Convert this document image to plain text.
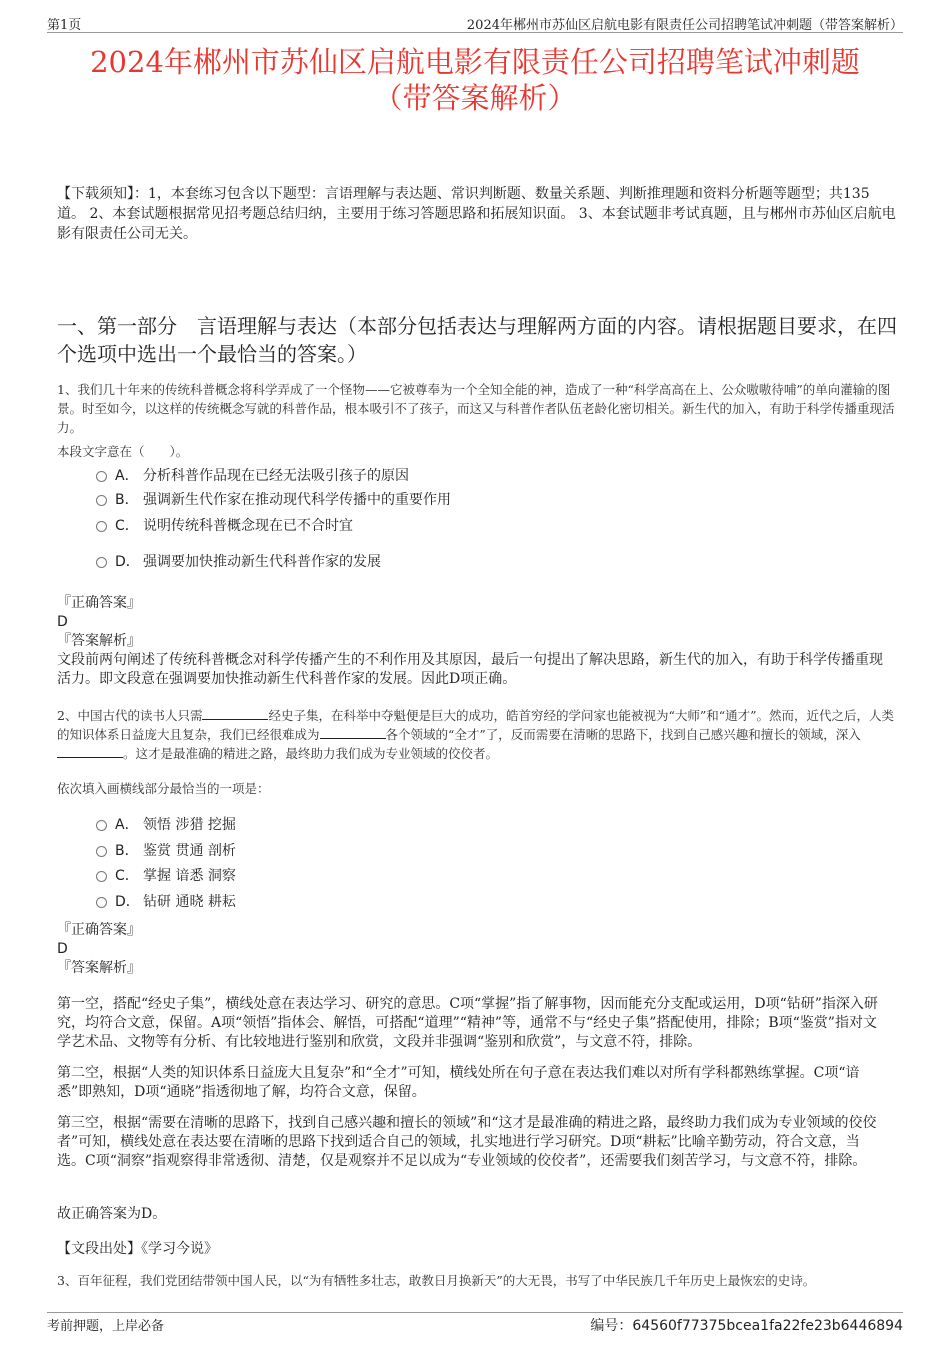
第1页	2024年郴州市苏仙区启航电影有限责任公司招聘笔试冲刺题（带答案解析）
2024年郴州市苏仙区启航电影有限责任公司招聘笔试冲刺题
（带答案解析）
【下载须知】：1，本套练习包含以下题型：言语理解与表达题、常识判断题、数量关系题、判断推理题和资料分析题等题型；共135道。 2、本套试题根据常见招考题总结归纳，主要用于练习答题思路和拓展知识面。 3、本套试题非考试真题，且与郴州市苏仙区启航电影有限责任公司无关。
一、第一部分　言语理解与表达（本部分包括表达与理解两方面的内容。请根据题目要求，在四个选项中选出一个最恰当的答案。）
1、我们几十年来的传统科普概念将科学弄成了一个怪物——它被尊奉为一个全知全能的神，造成了一种“科学高高在上、公众嗷嗷待哺”的单向灌输的图景。时至如今，以这样的传统概念写就的科普作品，根本吸引不了孩子，而这又与科普作者队伍老龄化密切相关。新生代的加入，有助于科学传播重现活力。
本段文字意在（　　）。
A． 分析科普作品现在已经无法吸引孩子的原因
B． 强调新生代作家在推动现代科学传播中的重要作用
C． 说明传统科普概念现在已不合时宜
D． 强调要加快推动新生代科普作家的发展
『正确答案』
D
『答案解析』
文段前两句阐述了传统科普概念对科学传播产生的不利作用及其原因，最后一句提出了解决思路，新生代的加入，有助于科学传播重现活力。即文段意在强调要加快推动新生代科普作家的发展。因此D项正确。
2、中国古代的读书人只需	经史子集，在科举中夺魁便是巨大的成功，皓首穷经的学问家也能被视为“大师”和“通才”。然而，近代之后，人类的知识体系日益庞大且复杂，我们已经很难成为	各个领域的“全才”了，反而需要在清晰的思路下，找到自己感兴趣和擅长的领域，深入。这才是最准确的精进之路，最终助力我们成为专业领域的佼佼者。
依次填入画横线部分最恰当的一项是：
A． 领悟 涉猎 挖掘
B． 鉴赏 贯通 剖析
C． 掌握 谙悉 洞察
D． 钻研 通晓 耕耘
『正确答案』
D
『答案解析』
第一空，搭配“经史子集”，横线处意在表达学习、研究的意思。C项“掌握”指了解事物，因而能充分支配或运用，D项“钻研”指深入研究，均符合文意，保留。A项“领悟”指体会、解悟，可搭配“道理”“精神”等，通常不与“经史子集”搭配使用，排除；B项“鉴赏”指对文学艺术品、文物等有分析、有比较地进行鉴别和欣赏，文段并非强调“鉴别和欣赏”，与文意不符，排除。
第二空，根据“人类的知识体系日益庞大且复杂”和“全才”可知，横线处所在句子意在表达我们难以对所有学科都熟练掌握。C项“谙悉”即熟知，D项“通晓”指透彻地了解，均符合文意，保留。
第三空，根据“需要在清晰的思路下，找到自己感兴趣和擅长的领域”和“这才是最准确的精进之路，最终助力我们成为专业领域的佼佼者”可知，横线处意在表达要在清晰的思路下找到适合自己的领域，扎实地进行学习研究。D项“耕耘”比喻辛勤劳动，符合文意，当选。C项“洞察”指观察得非常透彻、清楚，仅是观察并不足以成为“专业领域的佼佼者”，还需要我们刻苦学习，与文意不符，排除。
故正确答案为D。
【文段出处】《学习今说》
3、百年征程，我们党团结带领中国人民，以“为有牺牲多壮志，敢教日月换新天”的大无畏，书写了中华民族几千年历史上最恢宏的史诗。
考前押题，上岸必备	编号：64560f77375bcea1fa22fe23b6446894
